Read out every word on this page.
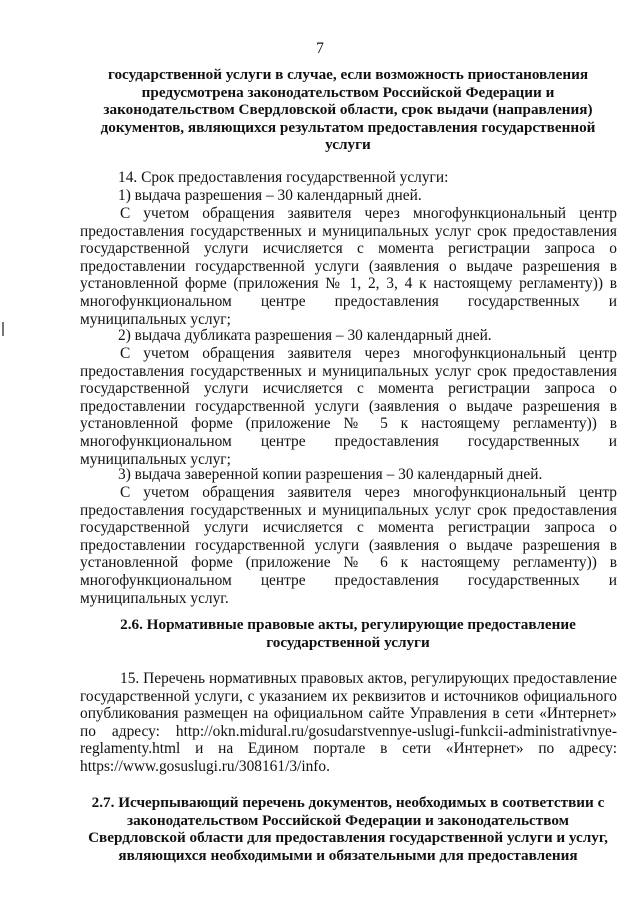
7
государственной услуги в случае, если возможность приостановления предусмотрена законодательством Российской Федерации и законодательством Свердловской области, срок выдачи (направления) документов, являющихся результатом предоставления государственной услуги
14. Срок предоставления государственной услуги:
1) выдача разрешения – 30 календарный дней.
С учетом обращения заявителя через многофункциональный центр предоставления государственных и муниципальных услуг срок предоставления государственной услуги исчисляется с момента регистрации запроса о предоставлении государственной услуги (заявления о выдаче разрешения в установленной форме (приложения № 1, 2, 3, 4 к настоящему регламенту)) в многофункциональном центре предоставления государственных и муниципальных услуг;
2) выдача дубликата разрешения – 30 календарный дней.
С учетом обращения заявителя через многофункциональный центр предоставления государственных и муниципальных услуг срок предоставления государственной услуги исчисляется с момента регистрации запроса о предоставлении государственной услуги (заявления о выдаче разрешения в установленной форме (приложение № 5 к настоящему регламенту)) в многофункциональном центре предоставления государственных и муниципальных услуг;
3) выдача заверенной копии разрешения – 30 календарный дней.
С учетом обращения заявителя через многофункциональный центр предоставления государственных и муниципальных услуг срок предоставления государственной услуги исчисляется с момента регистрации запроса о предоставлении государственной услуги (заявления о выдаче разрешения в установленной форме (приложение № 6 к настоящему регламенту)) в многофункциональном центре предоставления государственных и муниципальных услуг.
2.6. Нормативные правовые акты, регулирующие предоставление государственной услуги
15. Перечень нормативных правовых актов, регулирующих предоставление государственной услуги, с указанием их реквизитов и источников официального опубликования размещен на официальном сайте Управления в сети «Интернет» по адресу: http://okn.midural.ru/gosudarstvennye-uslugi-funkcii-administrativnye-reglamenty.html и на Едином портале в сети «Интернет» по адресу: https://www.gosuslugi.ru/308161/3/info.
2.7. Исчерпывающий перечень документов, необходимых в соответствии с законодательством Российской Федерации и законодательством Свердловской области для предоставления государственной услуги и услуг, являющихся необходимыми и обязательными для предоставления
